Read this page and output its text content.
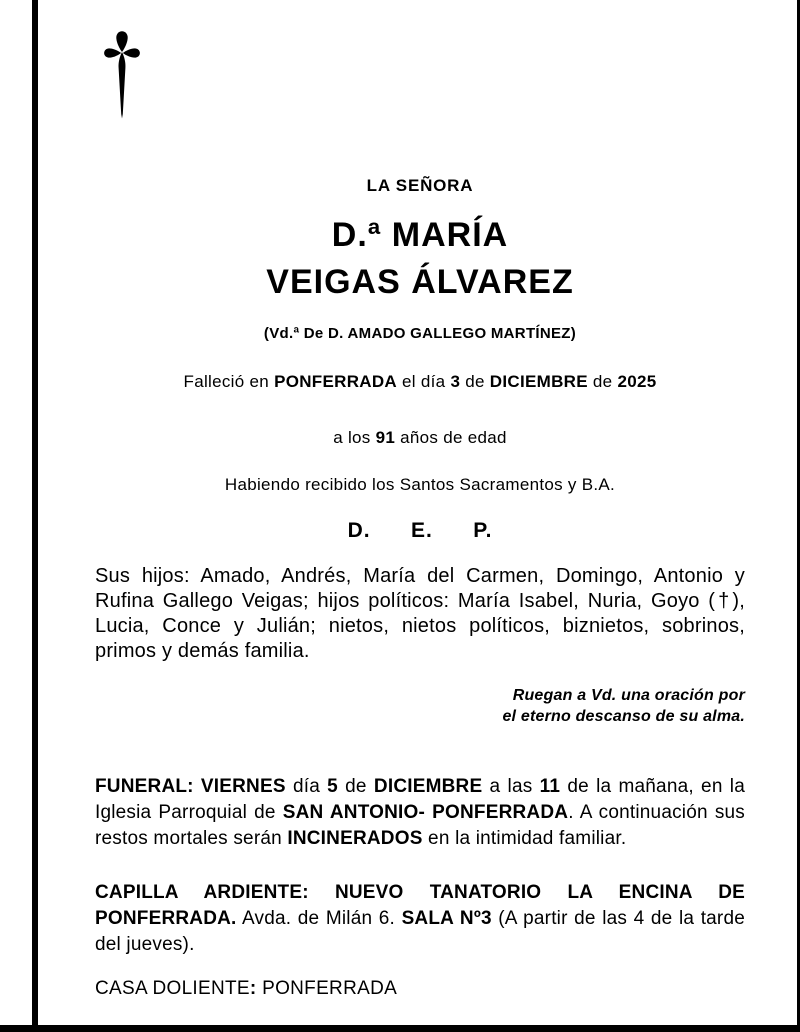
LA SEÑORA
D.ª MARÍA
VEIGAS ÁLVAREZ
(Vd.ª De D. AMADO GALLEGO MARTÍNEZ)
Falleció en PONFERRADA el día 3 de DICIEMBRE de 2025
a los 91 años de edad
Habiendo recibido los Santos Sacramentos y B.A.
D. E. P.

Sus hijos: Amado, Andrés, María del Carmen, Domingo, Antonio y Rufina Gallego Veigas; hijos políticos: María Isabel, Nuria, Goyo (†), Lucia, Conce y Julián; nietos, nietos políticos, biznietos, sobrinos, primos y demás familia.

Ruegan a Vd. una oración por
el eterno descanso de su alma.

FUNERAL: VIERNES día 5 de DICIEMBRE a las 11 de la mañana, en la Iglesia Parroquial de SAN ANTONIO- PONFERRADA. A continuación sus restos mortales serán INCINERADOS en la intimidad familiar.

CAPILLA ARDIENTE: NUEVO TANATORIO LA ENCINA DE PONFERRADA. Avda. de Milán 6. SALA Nº3 (A partir de las 4 de la tarde del jueves).

CASA DOLIENTE: PONFERRADA
